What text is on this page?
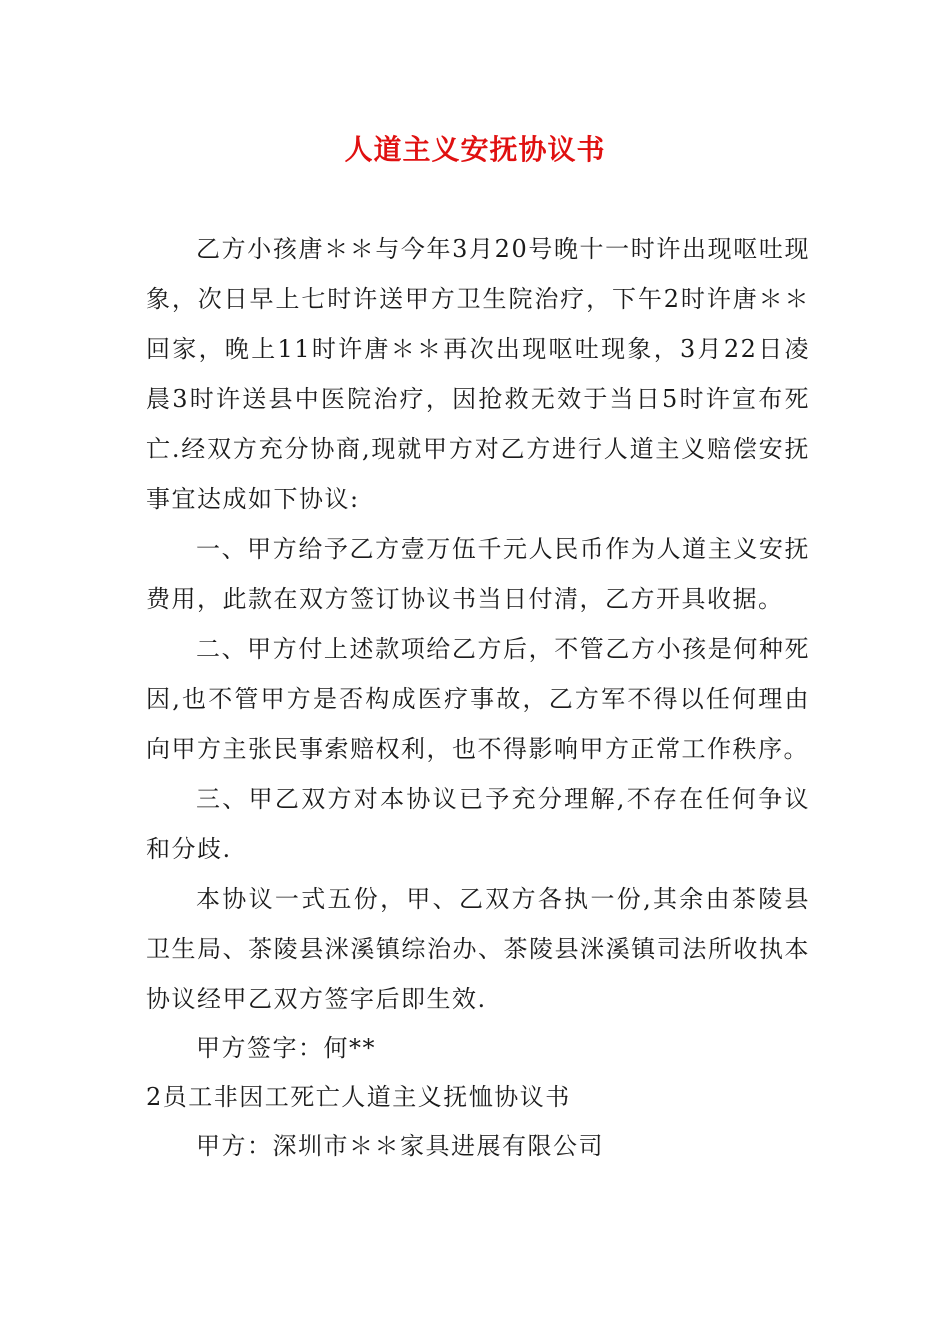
人道主义安抚协议书

乙方小孩唐＊＊与今年3月20号晚十一时许出现呕吐现象，次日早上七时许送甲方卫生院治疗，下午2时许唐＊＊回家，晚上11时许唐＊＊再次出现呕吐现象，3月22日凌晨3时许送县中医院治疗，因抢救无效于当日5时许宣布死亡.经双方充分协商,现就甲方对乙方进行人道主义赔偿安抚事宜达成如下协议:

一、甲方给予乙方壹万伍千元人民币作为人道主义安抚费用，此款在双方签订协议书当日付清，乙方开具收据。

二、甲方付上述款项给乙方后，不管乙方小孩是何种死因,也不管甲方是否构成医疗事故，乙方军不得以任何理由向甲方主张民事索赔权利，也不得影响甲方正常工作秩序。

三、甲乙双方对本协议已予充分理解,不存在任何争议和分歧.

本协议一式五份，甲、乙双方各执一份,其余由茶陵县卫生局、茶陵县洣溪镇综治办、茶陵县洣溪镇司法所收执本协议经甲乙双方签字后即生效.

甲方签字：何**

2员工非因工死亡人道主义抚恤协议书

甲方：深圳市＊＊家具进展有限公司
